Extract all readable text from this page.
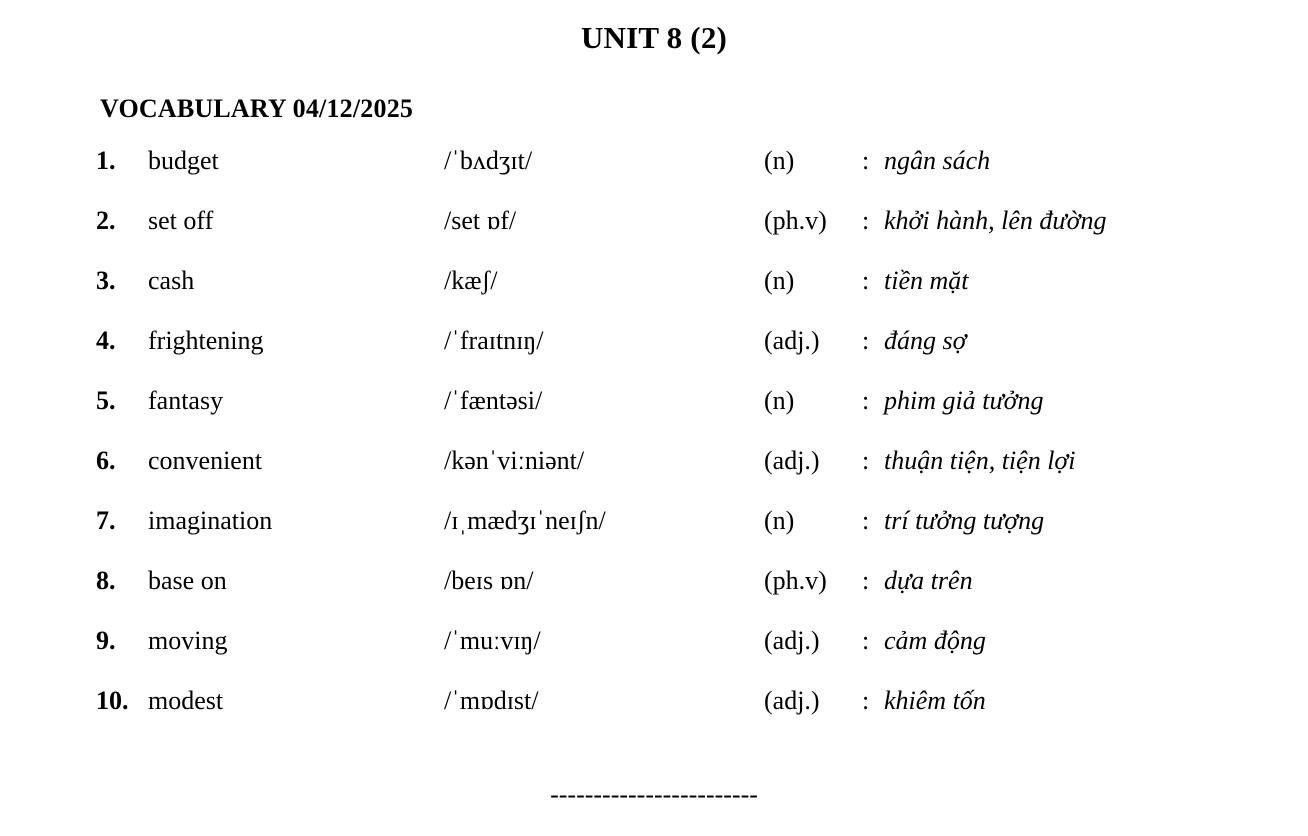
UNIT 8 (2)
VOCABULARY 04/12/2025
1.	budget	/ˈbʌdʒɪt/	(n)	: ngân sách
2.	set off	/set ɒf/	(ph.v)	: khởi hành, lên đường
3.	cash	/kæʃ/	(n)	: tiền mặt
4.	frightening	/ˈfraɪtnɪŋ/	(adj.)	: đáng sợ
5.	fantasy	/ˈfæntəsi/	(n)	: phim giả tưởng
6.	convenient	/kənˈviːniənt/	(adj.)	: thuận tiện, tiện lợi
7.	imagination	/ɪˌmædʒɪˈneɪʃn/	(n)	: trí tưởng tượng
8.	base on	/beɪs ɒn/	(ph.v)	: dựa trên
9.	moving	/ˈmuːvɪŋ/	(adj.)	: cảm động
10. modest	/ˈmɒdɪst/	(adj.)	: khiêm tốn
------------------------
